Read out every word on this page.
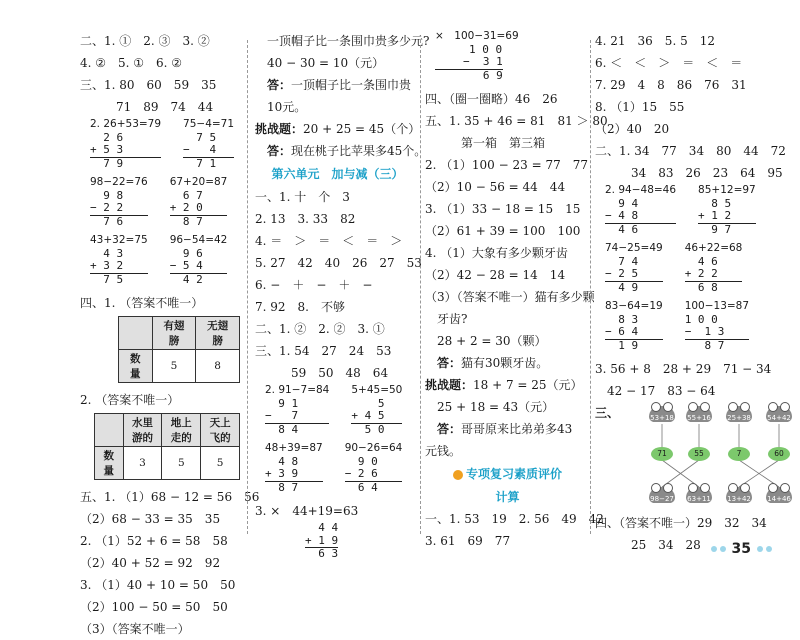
二、1. ①　2. ③　3. ②
4. ②　5. ①　6. ②
三、1. 80　60　59　35
71　89　74　44
2. 26+53=79
2 6
+ 5 3
7 9
75−4=71
7 5
−   4
7 1
98−22=76
9 8
− 2 2
7 6
67+20=87
6 7
+ 2 0
8 7
43+32=75
4 3
+ 3 2
7 5
96−54=42
9 6
− 5 4
4 2
四、1. （答案不唯一）
	有翅膀	无翅膀
数量	5	8
2. （答案不唯一）
	水里游的	地上走的	天上飞的
数量	3	5	5
五、1. （1）68 − 12 = 56　56
（2）68 − 33 = 35　35
2. （1）52 + 6 = 58　58
（2）40 + 52 = 92　92
3. （1）40 + 10 = 50　50
（2）100 − 50 = 50　50
（3）（答案不唯一）
一顶帽子比一条围巾贵多少元?
40 − 30 = 10（元）
答：一顶帽子比一条围巾贵
10元。
挑战题：20 + 25 = 45（个）
答：现在桃子比苹果多45个。
第六单元　加与减（三）
一、1. 十　个　3
2. 13　3. 33　82
4. ＝　＞　＝　＜　＝　＞
5. 27　42　40　26　27　53
6. −　＋　−　＋　−
7. 92　8.　不够
二、1. ②　2. ②　3. ①
三、1. 54　27　24　53
59　50　48　64
2. 91−7=84
9 1
−   7
8 4
5+45=50
5
+ 4 5
5 0
48+39=87
4 8
+ 3 9
8 7
90−26=64
9 0
− 2 6
6 4
3. ×　44+19=63
4 4
+ 1 9
6 3
×　100−31=69
1 0 0
−  3 1
6 9
四、（圈一圈略）46　26
五、1. 35 + 46 = 81　81 ＞ 80
第一箱　第三箱
2. （1）100 − 23 = 77　77
（2）10 − 56 = 44　44
3. （1）33 − 18 = 15　15
（2）61 + 39 = 100　100
4. （1）大象有多少颗牙齿
（2）42 − 28 = 14　14
（3）（答案不唯一）猫有多少颗
牙齿?
28 + 2 = 30（颗）
答：猫有30颗牙齿。
挑战题：18 + 7 = 25（元）
25 + 18 = 43（元）
答：哥哥原来比弟弟多43
元钱。
专项复习素质评价
计算
一、1. 53　19　2. 56　49　42
3. 61　69　77
4. 21　36　5. 5　12
6. ＜　＜　＞　＝　＜　＝
7. 29　4　8　86　76　31
8. （1）15　55
（2）40　20
二、1. 34　77　34　80　44　72
34　83　26　23　64　95
2. 94−48=46
9 4
− 4 8
4 6
85+12=97
8 5
+ 1 2
9 7
74−25=49
7 4
− 2 5
4 9
46+22=68
4 6
+ 2 2
6 8
83−64=19
8 3
− 6 4
1 9
100−13=87
1 0 0
−  1 3
8 7
3. 56 + 8　28 + 29　71 − 34
42 − 17　83 − 64
三、	53+18	55+16	25+38	54+42
71	55	7	60
98−27	63+11	13+42	14+46
四、（答案不唯一）29　32　34
25　34　28	35
